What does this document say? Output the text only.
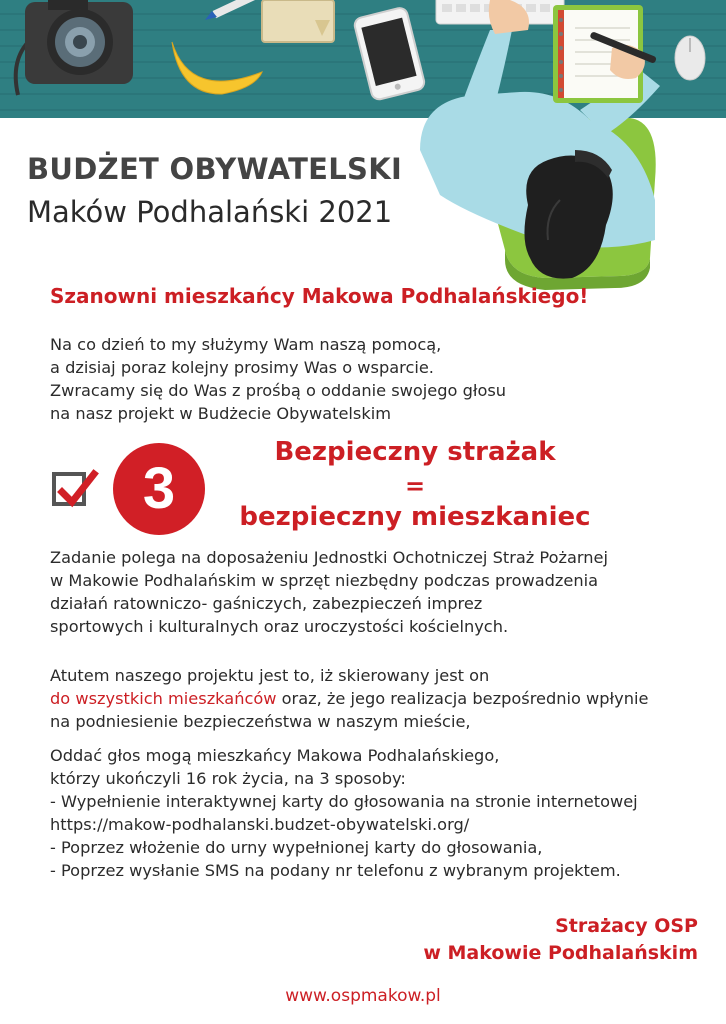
BUDŻET OBYWATELSKI
Maków Podhalański 2021
Szanowni mieszkańcy Makowa Podhalańskiego!
Na co dzień to my służymy Wam naszą pomocą,
a dzisiaj poraz kolejny prosimy Was o wsparcie.
Zwracamy się do Was z prośbą o oddanie swojego głosu
na nasz projekt w Budżecie Obywatelskim
3
Bezpieczny strażak
=
bezpieczny mieszkaniec
Zadanie polega na doposażeniu Jednostki Ochotniczej Straż Pożarnej
w Makowie Podhalańskim w sprzęt niezbędny podczas prowadzenia
działań ratowniczo- gaśniczych, zabezpieczeń imprez
sportowych i kulturalnych oraz uroczystości kościelnych.
Atutem naszego projektu jest to, iż skierowany jest on
do wszystkich mieszkańców oraz, że jego realizacja bezpośrednio wpłynie
na podniesienie bezpieczeństwa w naszym mieście,
Oddać głos mogą mieszkańcy Makowa Podhalańskiego,
którzy ukończyli 16 rok życia, na 3 sposoby:
- Wypełnienie interaktywnej karty do głosowania na stronie internetowej
https://makow-podhalanski.budzet-obywatelski.org/
- Poprzez włożenie do urny wypełnionej karty do głosowania,
- Poprzez wysłanie SMS na podany nr telefonu z wybranym projektem.
Strażacy OSP
w Makowie Podhalańskim
www.ospmakow.pl
